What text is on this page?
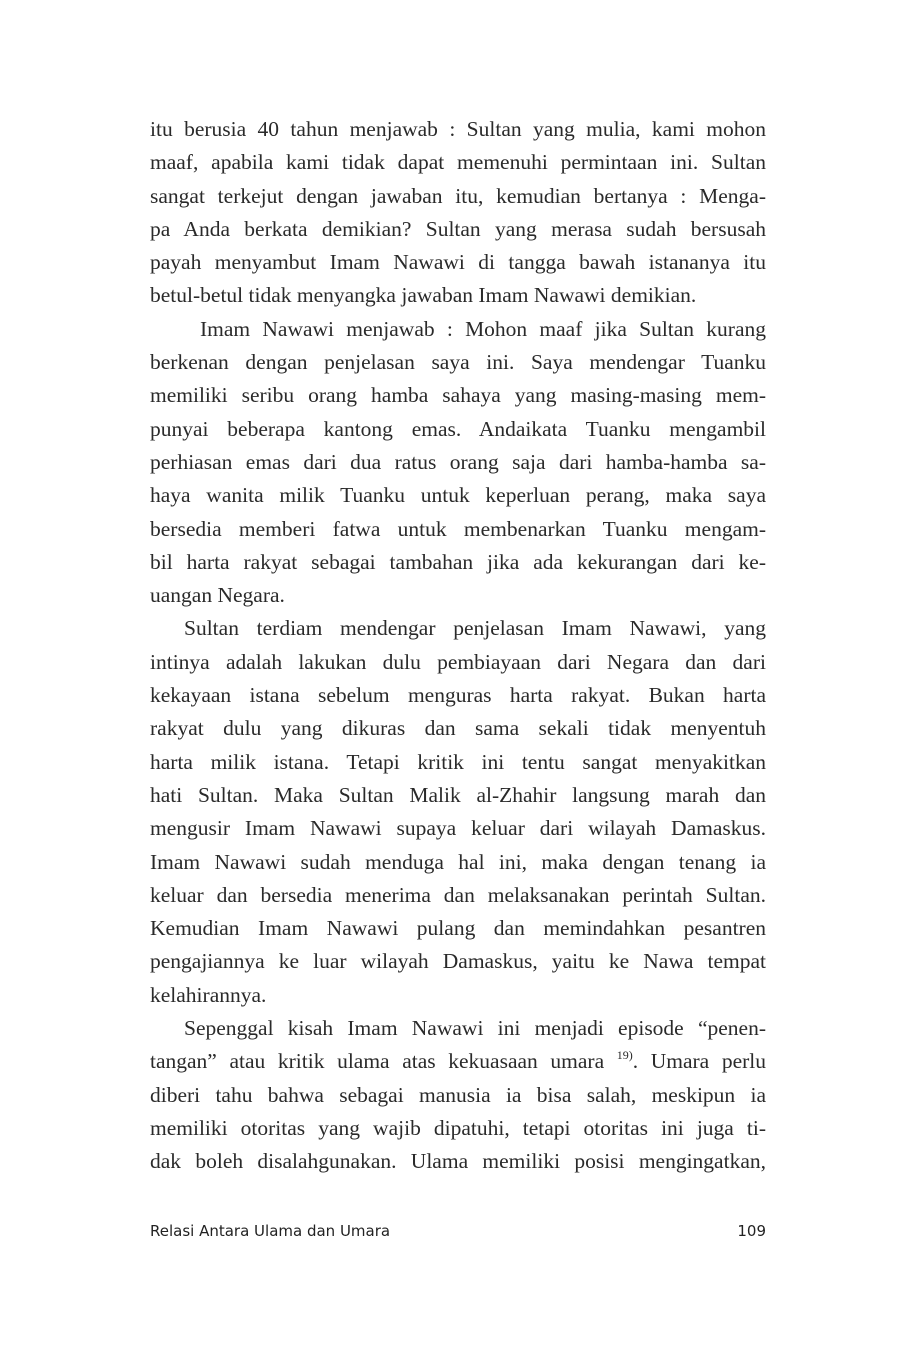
itu berusia 40 tahun menjawab : Sultan yang mulia, kami mohon
maaf, apabila kami tidak dapat memenuhi permintaan ini. Sultan
sangat terkejut dengan jawaban itu, kemudian bertanya : Menga-
pa Anda berkata demikian? Sultan yang merasa sudah bersusah
payah menyambut Imam Nawawi di tangga bawah istananya itu
betul-betul tidak menyangka jawaban Imam Nawawi demikian.
Imam Nawawi menjawab : Mohon maaf jika Sultan kurang
berkenan dengan penjelasan saya ini. Saya mendengar Tuanku
memiliki seribu orang hamba sahaya yang masing-masing mem-
punyai beberapa kantong emas. Andaikata Tuanku mengambil
perhiasan emas dari dua ratus orang saja dari hamba-hamba sa-
haya wanita milik Tuanku untuk keperluan perang, maka saya
bersedia memberi fatwa untuk membenarkan Tuanku mengam-
bil harta rakyat sebagai tambahan jika ada kekurangan dari ke-
uangan Negara.
Sultan terdiam mendengar penjelasan Imam Nawawi, yang
intinya adalah lakukan dulu pembiayaan dari Negara dan dari
kekayaan istana sebelum menguras harta rakyat. Bukan harta
rakyat dulu yang dikuras dan sama sekali tidak menyentuh
harta milik istana. Tetapi kritik ini tentu sangat menyakitkan
hati Sultan. Maka Sultan Malik al-Zhahir langsung marah dan
mengusir Imam Nawawi supaya keluar dari wilayah Damaskus.
Imam Nawawi sudah menduga hal ini, maka dengan tenang ia
keluar dan bersedia menerima dan melaksanakan perintah Sultan.
Kemudian Imam Nawawi pulang dan memindahkan pesantren
pengajiannya ke luar wilayah Damaskus, yaitu ke Nawa tempat
kelahirannya.
Sepenggal kisah Imam Nawawi ini menjadi episode “penen-
tangan” atau kritik ulama atas kekuasaan umara $^{19)}$. Umara perlu
diberi tahu bahwa sebagai manusia ia bisa salah, meskipun ia
memiliki otoritas yang wajib dipatuhi, tetapi otoritas ini juga ti-
dak boleh disalahgunakan. Ulama memiliki posisi mengingatkan,
Relasi Antara Ulama dan Umara	109
